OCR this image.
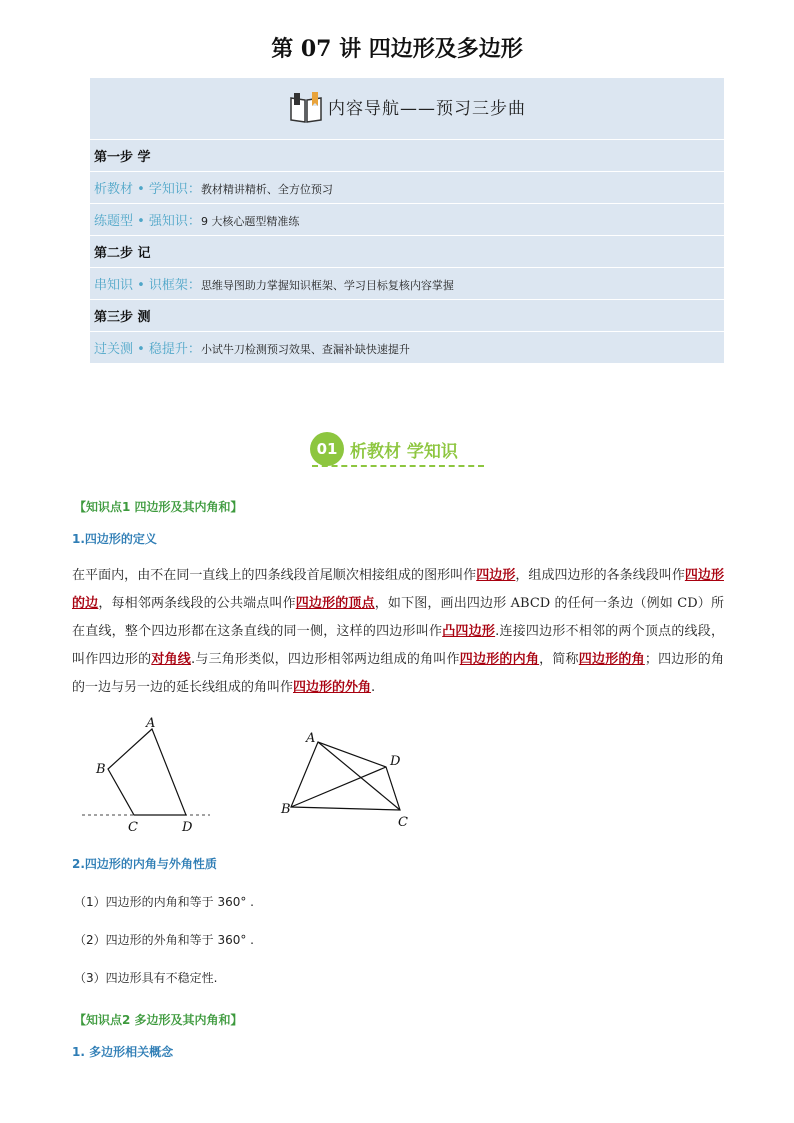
第 07 讲 四边形及多边形
内容导航——预习三步曲

第一步 学
析教材 • 学知识：教材精讲精析、全方位预习
练题型 • 强知识：9 大核心题型精准练
第二步 记
串知识 • 识框架：思维导图助力掌握知识框架、学习目标复核内容掌握
第三步 测
过关测 • 稳提升：小试牛刀检测预习效果、查漏补缺快速提升
01 析教材 学知识
【知识点1 四边形及其内角和】
1.四边形的定义
在平面内，由不在同一直线上的四条线段首尾顺次相接组成的图形叫作四边形，组成四边形的各条线段叫作四边形的边，每相邻两条线段的公共端点叫作四边形的顶点，如下图，画出四边形 ABCD 的任何一条边（例如 CD）所在直线，整个四边形都在这条直线的同一侧，这样的四边形叫作凸四边形.连接四边形不相邻的两个顶点的线段，叫作四边形的对角线.与三角形类似，四边形相邻两边组成的角叫作四边形的内角，简称四边形的角；四边形的角的一边与另一边的延长线组成的角叫作四边形的外角.
A
B
C	D
A
B
C
D
2.四边形的内角与外角性质
（1）四边形的内角和等于 360° .
（2）四边形的外角和等于 360° .
（3）四边形具有不稳定性.
【知识点2 多边形及其内角和】
1. 多边形相关概念
